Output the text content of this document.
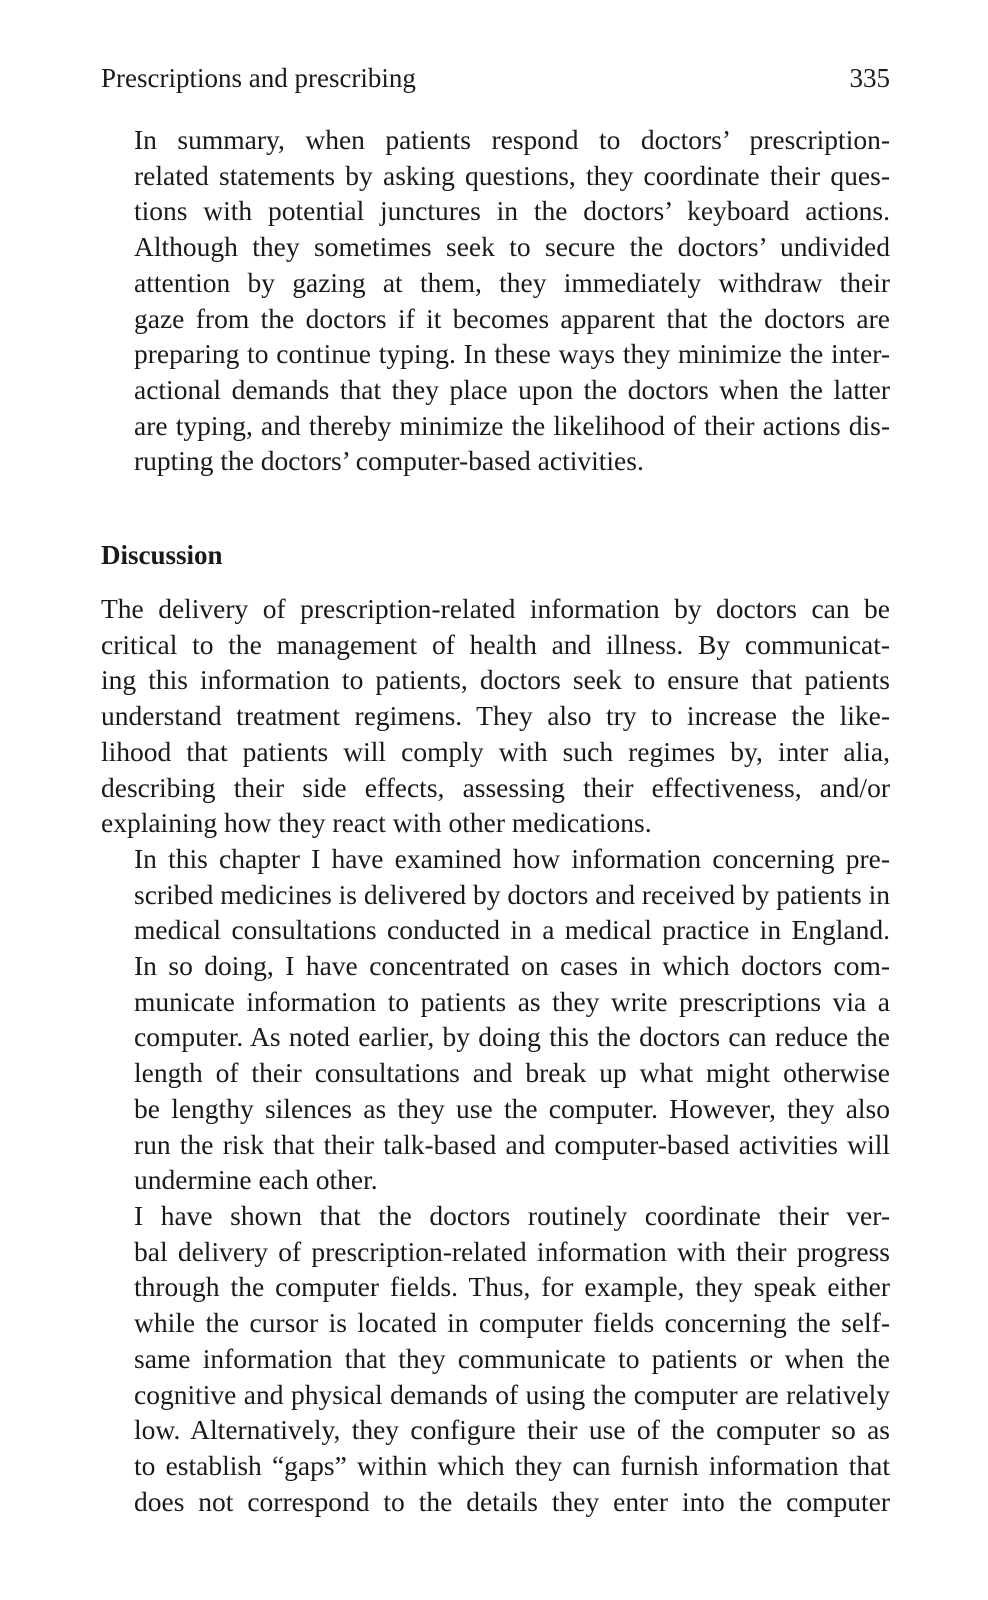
Prescriptions and prescribing	335

In summary, when patients respond to doctors’ prescription-
related statements by asking questions, they coordinate their ques-
tions with potential junctures in the doctors’ keyboard actions.
Although they sometimes seek to secure the doctors’ undivided
attention by gazing at them, they immediately withdraw their
gaze from the doctors if it becomes apparent that the doctors are
preparing to continue typing. In these ways they minimize the inter-
actional demands that they place upon the doctors when the latter
are typing, and thereby minimize the likelihood of their actions dis-
rupting the doctors’ computer-based activities.

Discussion

The delivery of prescription-related information by doctors can be
critical to the management of health and illness. By communicat-
ing this information to patients, doctors seek to ensure that patients
understand treatment regimens. They also try to increase the like-
lihood that patients will comply with such regimes by, inter alia,
describing their side effects, assessing their effectiveness, and/or
explaining how they react with other medications.

In this chapter I have examined how information concerning pre-
scribed medicines is delivered by doctors and received by patients in
medical consultations conducted in a medical practice in England.
In so doing, I have concentrated on cases in which doctors com-
municate information to patients as they write prescriptions via a
computer. As noted earlier, by doing this the doctors can reduce the
length of their consultations and break up what might otherwise
be lengthy silences as they use the computer. However, they also
run the risk that their talk-based and computer-based activities will
undermine each other.

I have shown that the doctors routinely coordinate their ver-
bal delivery of prescription-related information with their progress
through the computer fields. Thus, for example, they speak either
while the cursor is located in computer fields concerning the self-
same information that they communicate to patients or when the
cognitive and physical demands of using the computer are relatively
low. Alternatively, they configure their use of the computer so as
to establish “gaps” within which they can furnish information that
does not correspond to the details they enter into the computer
